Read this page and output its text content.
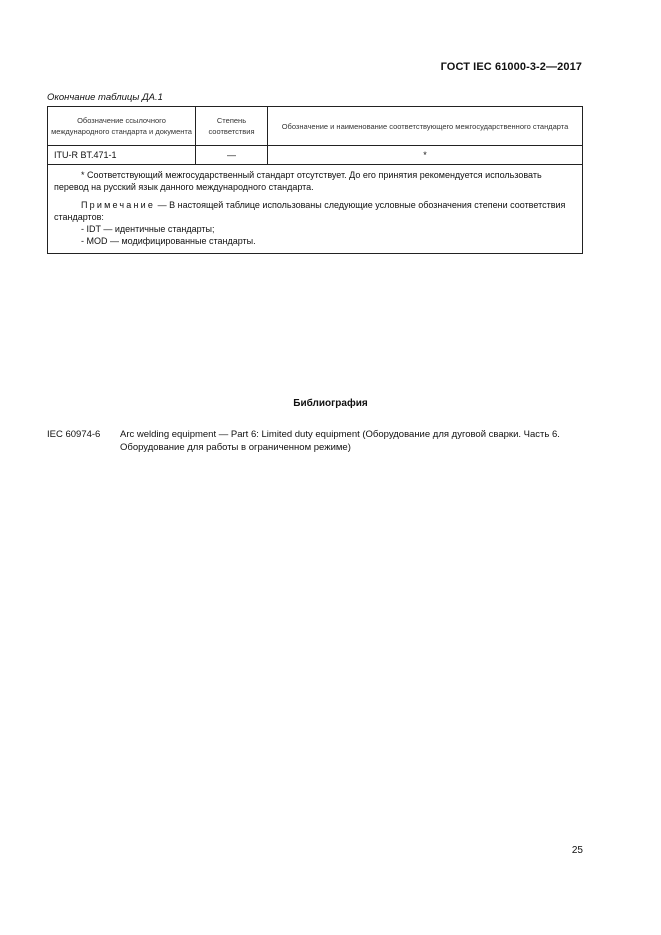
ГОСТ IEC 61000-3-2—2017
Окончание таблицы ДА.1
Обозначение ссылочного международного стандарта и документа	Степень соответствия	Обозначение и наименование соответствующего межгосударственного стандарта
ITU-R BT.471-1	—	*

* Соответствующий межгосударственный стандарт отсутствует. До его принятия рекомендуется использовать перевод на русский язык данного международного стандарта.

Примечание — В настоящей таблице использованы следующие условные обозначения степени соответствия стандартов:

- IDT — идентичные стандарты;

- MOD — модифицированные стандарты.		

Библиография
IEC 60974-6 Arc welding equipment — Part 6: Limited duty equipment (Оборудование для дуговой сварки. Часть 6. Оборудование для работы в ограниченном режиме)
25
